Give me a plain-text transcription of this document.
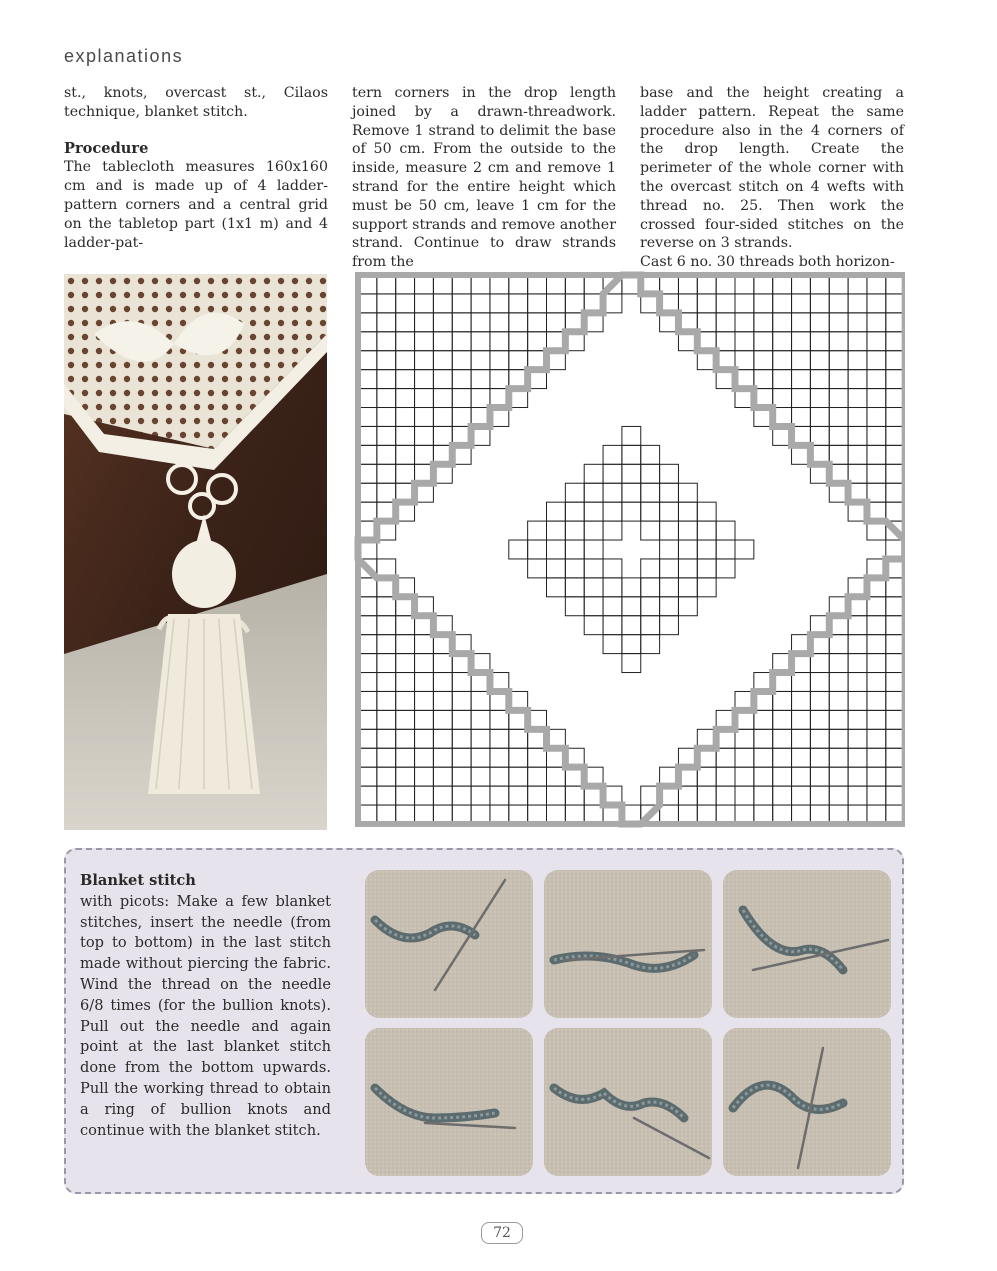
explanations

st., knots, overcast st., Cilaos technique, blanket stitch.

Procedure

The tablecloth measures 160x160 cm and is made up of 4 ladder-pattern corners and a central grid on the tabletop part (1x1 m) and 4 ladder-pat-

tern corners in the drop length joined by a drawn-threadwork. Remove 1 strand to delimit the base of 50 cm. From the outside to the inside, measure 2 cm and remove 1 strand for the entire height which must be 50 cm, leave 1 cm for the support strands and remove another strand. Continue to draw strands from the

base and the height creating a ladder pattern. Repeat the same procedure also in the 4 corners of the drop length. Create the perimeter of the whole corner with the overcast stitch on 4 wefts with thread no. 25. Then work the crossed four-sided stitches on the reverse on 3 strands.

Cast 6 no. 30 threads both horizon-

Blanket stitch
with picots: Make a few blanket stitches, insert the needle (from top to bottom) in the last stitch made without piercing the fabric. Wind the thread on the needle 6/8 times (for the bullion knots). Pull out the needle and again point at the last blanket stitch done from the bottom upwards. Pull the working thread to obtain a ring of bullion knots and continue with the blanket stitch.

72
